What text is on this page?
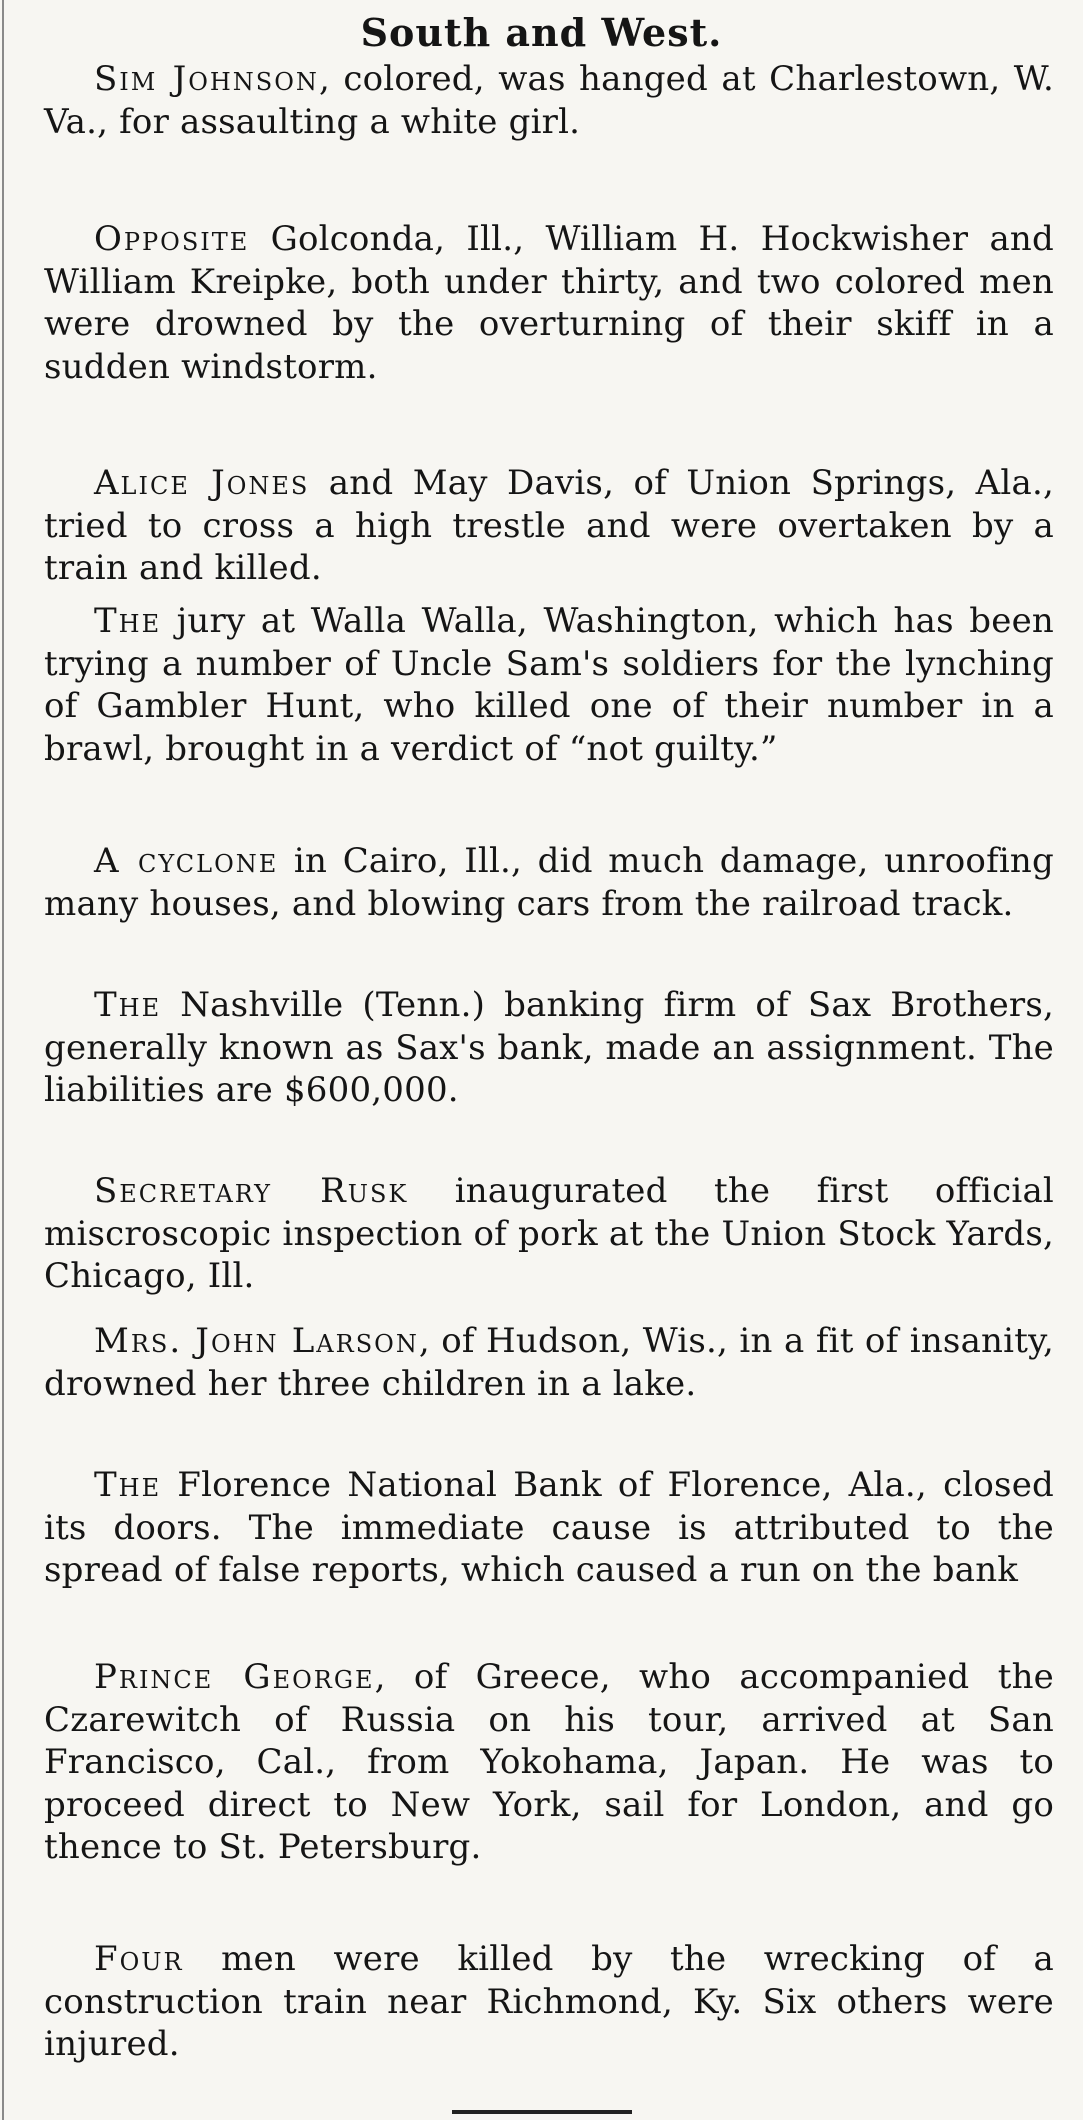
South and West.

Sim Johnson, colored, was hanged at Charlestown, W. Va., for assaulting a white girl.

Opposite Golconda, Ill., William H. Hockwisher and William Kreipke, both under thirty, and two colored men were drowned by the overturning of their skiff in a sudden windstorm.

Alice Jones and May Davis, of Union Springs, Ala., tried to cross a high trestle and were overtaken by a train and killed.

The jury at Walla Walla, Washington, which has been trying a number of Uncle Sam's soldiers for the lynching of Gambler Hunt, who killed one of their number in a brawl, brought in a verdict of “not guilty.”

A cyclone in Cairo, Ill., did much damage, unroofing many houses, and blowing cars from the railroad track.

The Nashville (Tenn.) banking firm of Sax Brothers, generally known as Sax's bank, made an assignment. The liabilities are $600,000.

Secretary Rusk inaugurated the first official miscroscopic inspection of pork at the Union Stock Yards, Chicago, Ill.

Mrs. John Larson, of Hudson, Wis., in a fit of insanity, drowned her three children in a lake.

The Florence National Bank of Florence, Ala., closed its doors. The immediate cause is attributed to the spread of false reports, which caused a run on the bank

Prince George, of Greece, who accompanied the Czarewitch of Russia on his tour, arrived at San Francisco, Cal., from Yokohama, Japan. He was to proceed direct to New York, sail for London, and go thence to St. Petersburg.

Four men were killed by the wrecking of a construction train near Richmond, Ky. Six others were injured.
